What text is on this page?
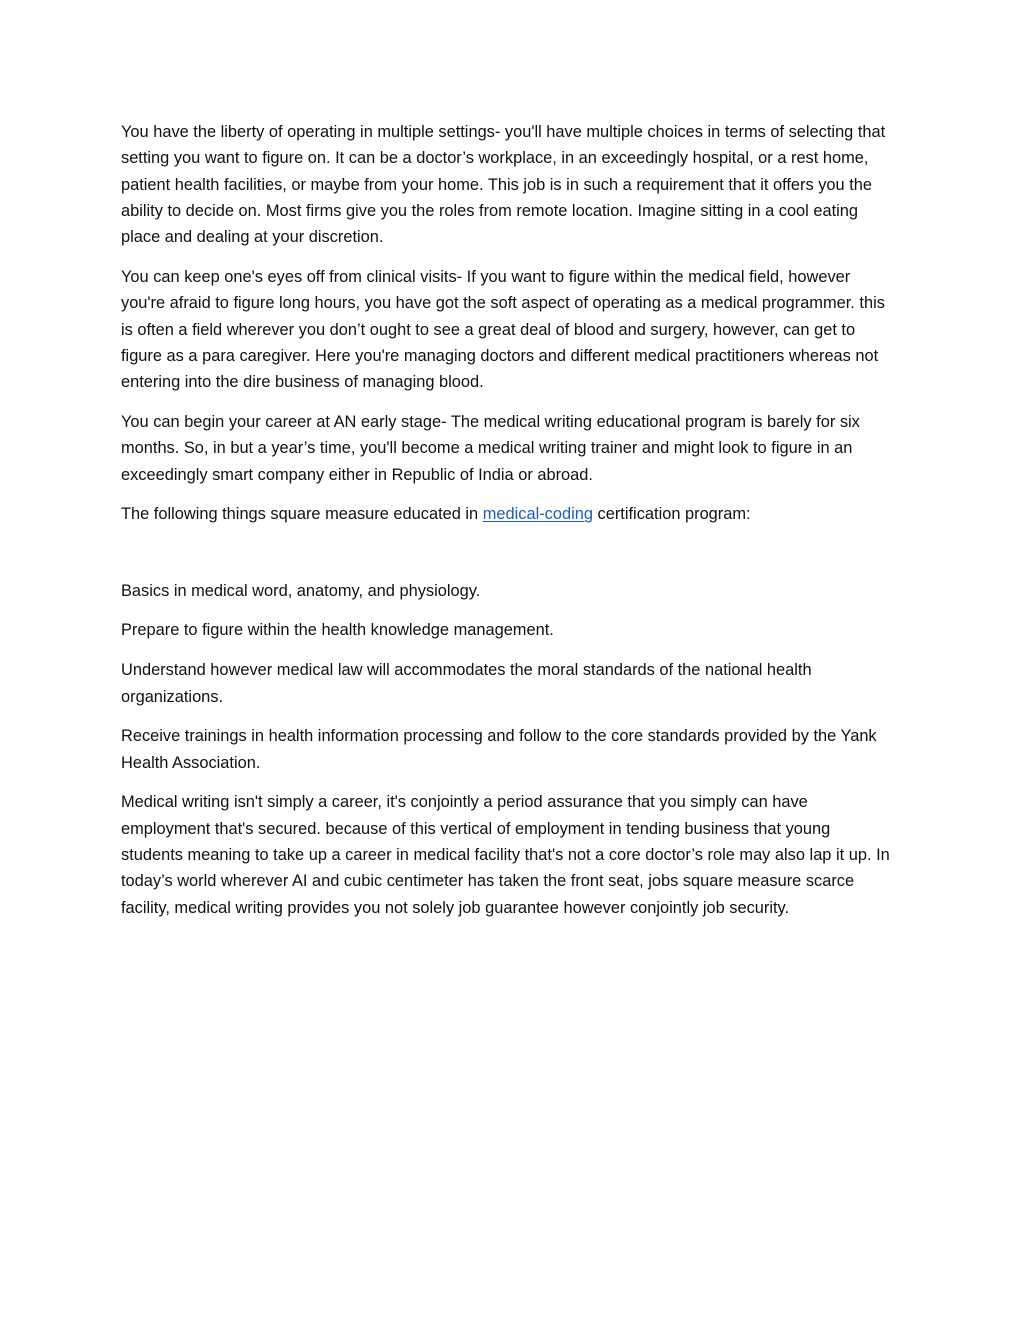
You have the liberty of operating in multiple settings- you'll have multiple choices in terms of selecting that setting you want to figure on. It can be a doctor’s workplace, in an exceedingly hospital, or a rest home, patient health facilities, or maybe from your home. This job is in such a requirement that it offers you the ability to decide on. Most firms give you the roles from remote location. Imagine sitting in a cool eating place and dealing at your discretion.

You can keep one's eyes off from clinical visits- If you want to figure within the medical field, however you're afraid to figure long hours, you have got the soft aspect of operating as a medical programmer. this is often a field wherever you don’t ought to see a great deal of blood and surgery, however, can get to figure as a para caregiver. Here you're managing doctors and different medical practitioners whereas not entering into the dire business of managing blood.

You can begin your career at AN early stage- The medical writing educational program is barely for six months. So, in but a year’s time, you'll become a medical writing trainer and might look to figure in an exceedingly smart company either in Republic of India or abroad.

The following things square measure educated in medical-coding certification program:

Basics in medical word, anatomy, and physiology.

Prepare to figure within the health knowledge management.

Understand however medical law will accommodates the moral standards of the national health organizations.

Receive trainings in health information processing and follow to the core standards provided by the Yank Health Association.

Medical writing isn't simply a career, it's conjointly a period assurance that you simply can have employment that's secured. because of this vertical of employment in tending business that young students meaning to take up a career in medical facility that's not a core doctor’s role may also lap it up. In today’s world wherever AI and cubic centimeter has taken the front seat, jobs square measure scarce facility, medical writing provides you not solely job guarantee however conjointly job security.
